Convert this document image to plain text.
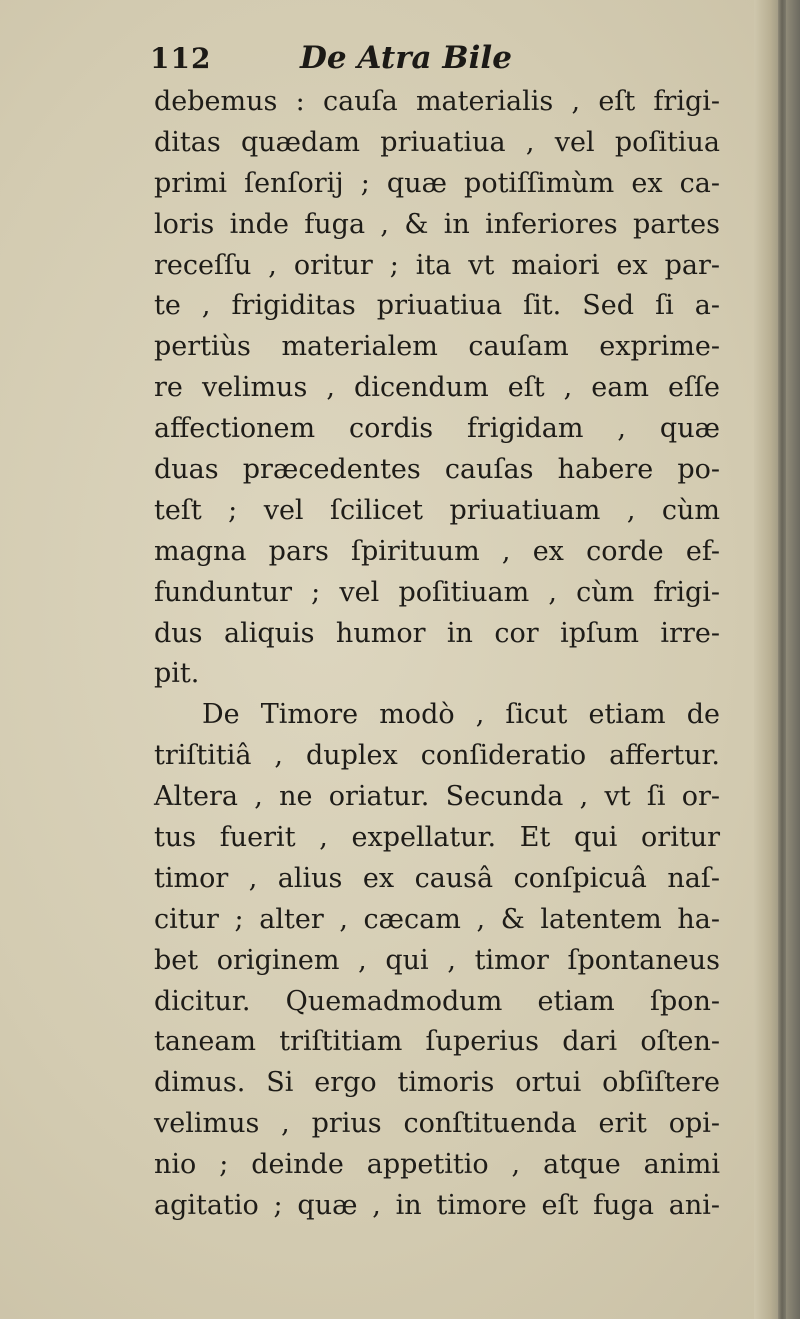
112	De Atra Bile
debemus : cauſa materialis , eſt frigi-
ditas quædam priuatiua , vel poſitiua
primi ſenſorij ; quæ potiſſimùm ex ca-
loris inde fuga , & in inferiores partes
receſſu , oritur ; ita vt maiori ex par-
te , frigiditas priuatiua ſit. Sed ſi a-
pertiùs materialem cauſam exprime-
re velimus , dicendum eſt , eam eſſe
affectionem cordis frigidam , quæ
duas præcedentes cauſas habere po-
teſt ; vel ſcilicet priuatiuam , cùm
magna pars ſpirituum , ex corde ef-
funduntur ; vel poſitiuam , cùm frigi-
dus aliquis humor in cor ipſum irre-
pit.
De Timore modò , ſicut etiam de
triſtitiâ , duplex conſideratio affertur.
Altera , ne oriatur. Secunda , vt ſi or-
tus fuerit , expellatur. Et qui oritur
timor , alius ex causâ conſpicuâ naſ-
citur ; alter , cæcam , & latentem ha-
bet originem , qui , timor ſpontaneus
dicitur. Quemadmodum etiam ſpon-
taneam triſtitiam ſuperius dari oſten-
dimus. Si ergo timoris ortui obſiſtere
velimus , prius conſtituenda erit opi-
nio ; deinde appetitio , atque animi
agitatio ; quæ , in timore eſt fuga ani-
